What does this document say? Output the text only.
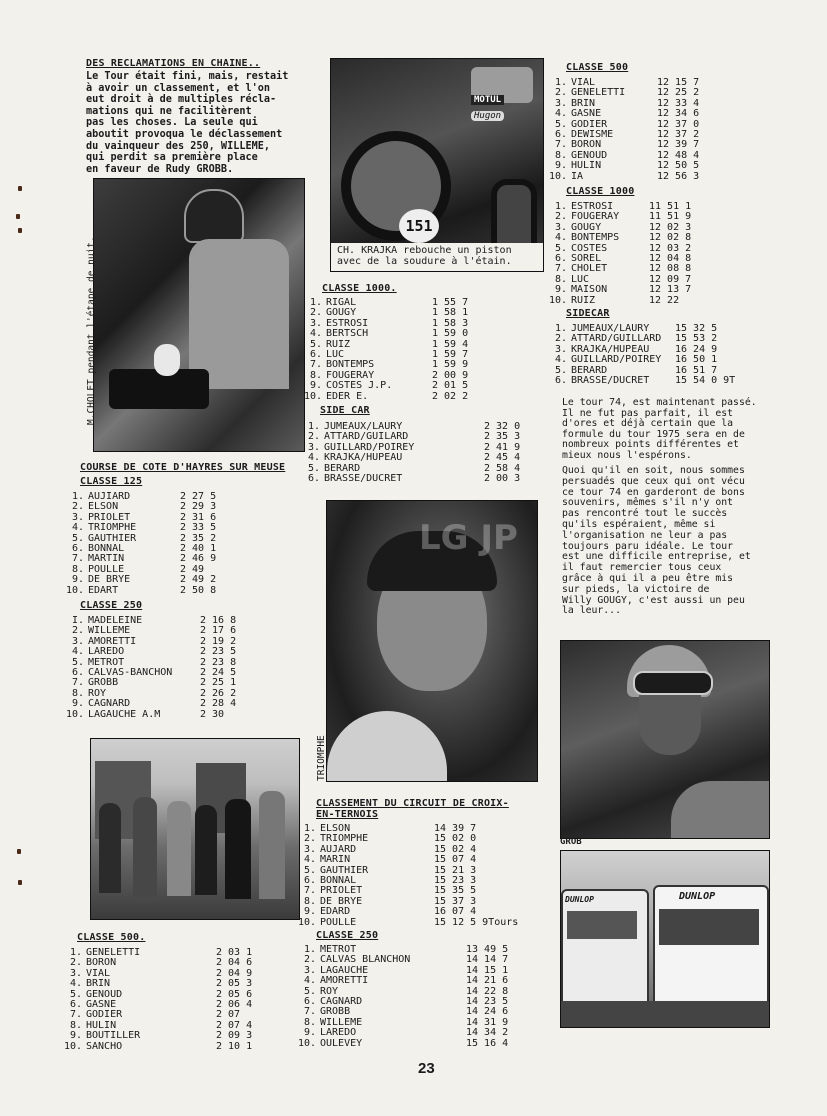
DES RECLAMATIONS EN CHAINE..
Le Tour était fini, mais, restait
à avoir un classement, et l'on
eut droit à de multiples récla-
mations qui ne facilitèrent
pas les choses. La seule qui
aboutit provoqua le déclassement
du vainqueur des 250, WILLEME,
qui perdit sa première place
en faveur de Rudy GROBB.
M.CHOLET pendant l'étape de nuit.
COURSE DE COTE D'HAYRES SUR MEUSE
CLASSE 125
1. AUJIARD	2 27 5
2. ELSON	2 29 3
3. PRIOLET	2 31 6
4. TRIOMPHE	2 33 5
5. GAUTHIER	2 35 2
6. BONNAL	2 40 1
7. MARTIN	2 46 9
8. POULLE	2 49
9. DE BRYE	2 49 2
10. EDART	2 50 8
CLASSE 250
I. MADELEINE	2 16 8
2. WILLEME	2 17 6
3. AMORETTI	2 19 2
4. LAREDO	2 23 5
5. METROT	2 23 8
6. CALVAS-BANCHON	2 24 5
7. GROBB	2 25 1
8. ROY	2 26 2
9. CAGNARD	2 28 4
10. LAGAUCHE A.M	2 30
CLASSE 500.
1. GENELETTI	2 03 1
2. BORON	2 04 6
3. VIAL	2 04 9
4. BRIN	2 05 3
5. GENOUD	2 05 6
6. GASNE	2 06 4
7. GODIER	2 07
8. HULIN	2 07 4
9. BOUTILLER	2 09 3
10. SANCHO	2 10 1
MOTUL
Hugon
151
CH. KRAJKA rebouche un piston avec de la soudure à l'étain.
CLASSE 1000.
1. RIGAL	1 55 7
2. GOUGY	1 58 1
3. ESTROSI	1 58 3
4. BERTSCH	1 59 0
5. RUIZ	1 59 4
6. LUC	1 59 7
7. BONTEMPS	1 59 9
8. FOUGERAY	2 00 9
9. COSTES J.P.	2 01 5
10. EDER E.	2 02 2
SIDE CAR
1. JUMEAUX/LAURY	2 32 0
2. ATTARD/GUILARD	2 35 3
3. GUILLARD/POIREY	2 41 9
4. KRAJKA/HUPEAU	2 45 4
5. BERARD	2 58 4
6. BRASSE/DUCRET	2 00 3
LG JP
TRIOMPHE
CLASSEMENT DU CIRCUIT DE CROIX-
EN-TERNOIS
1. ELSON	14 39 7
2. TRIOMPHE	15 02 0
3. AUJARD	15 02 4
4. MARIN	15 07 4
5. GAUTHIER	15 21 3
6. BONNAL	15 23 3
7. PRIOLET	15 35 5
8. DE BRYE	15 37 3
9. EDARD	16 07 4
10. POULLE	15 12 5 9Tours
CLASSE 250
1. METROT	13 49 5
2. CALVAS BLANCHON	14 14 7
3. LAGAUCHE	14 15 1
4. AMORETTI	14 21 6
5. ROY	14 22 8
6. CAGNARD	14 23 5
7. GROBB	14 24 6
8. WILLEME	14 31 9
9. LAREDO	14 34 2
10. OULEVEY	15 16 4
CLASSE 500
1. VIAL	12 15 7
2. GENELETTI	12 25 2
3. BRIN	12 33 4
4. GASNE	12 34 6
5. GODIER	12 37 0
6. DEWISME	12 37 2
7. BORON	12 39 7
8. GENOUD	12 48 4
9. HULIN	12 50 5
10. IA	12 56 3
CLASSE 1000
1. ESTROSI	11 51 1
2. FOUGERAY	11 51 9
3. GOUGY	12 02 3
4. BONTEMPS	12 02 8
5. COSTES	12 03 2
6. SOREL	12 04 8
7. CHOLET	12 08 8
8. LUC	12 09 7
9. MAISON	12 13 7
10. RUIZ	12 22
SIDECAR
1. JUMEAUX/LAURY	15 32 5
2. ATTARD/GUILLARD	15 53 2
3. KRAJKA/HUPEAU	16 24 9
4. GUILLARD/POIREY	16 50 1
5. BERARD	16 51 7
6. BRASSE/DUCRET	15 54 0 9T
Le tour 74, est maintenant passé.
Il ne fut pas parfait, il est
d'ores et déjà certain que la
formule du tour 1975 sera en de
nombreux points différentes et
mieux nous l'espérons.
Quoi qu'il en soit, nous sommes
persuadés que ceux qui ont vécu
ce tour 74 en garderont de bons
souvenirs, mêmes s'il n'y ont
pas rencontré tout le succès
qu'ils espéraient, même si
l'organisation ne leur a pas
toujours paru idéale. Le tour
est une difficile entreprise, et
il faut remercier tous ceux
grâce à qui il a peu être mis
sur pieds, la victoire de
Willy GOUGY, c'est aussi un peu
la leur...
GROB
DUNLOP	DUNLOP
23
